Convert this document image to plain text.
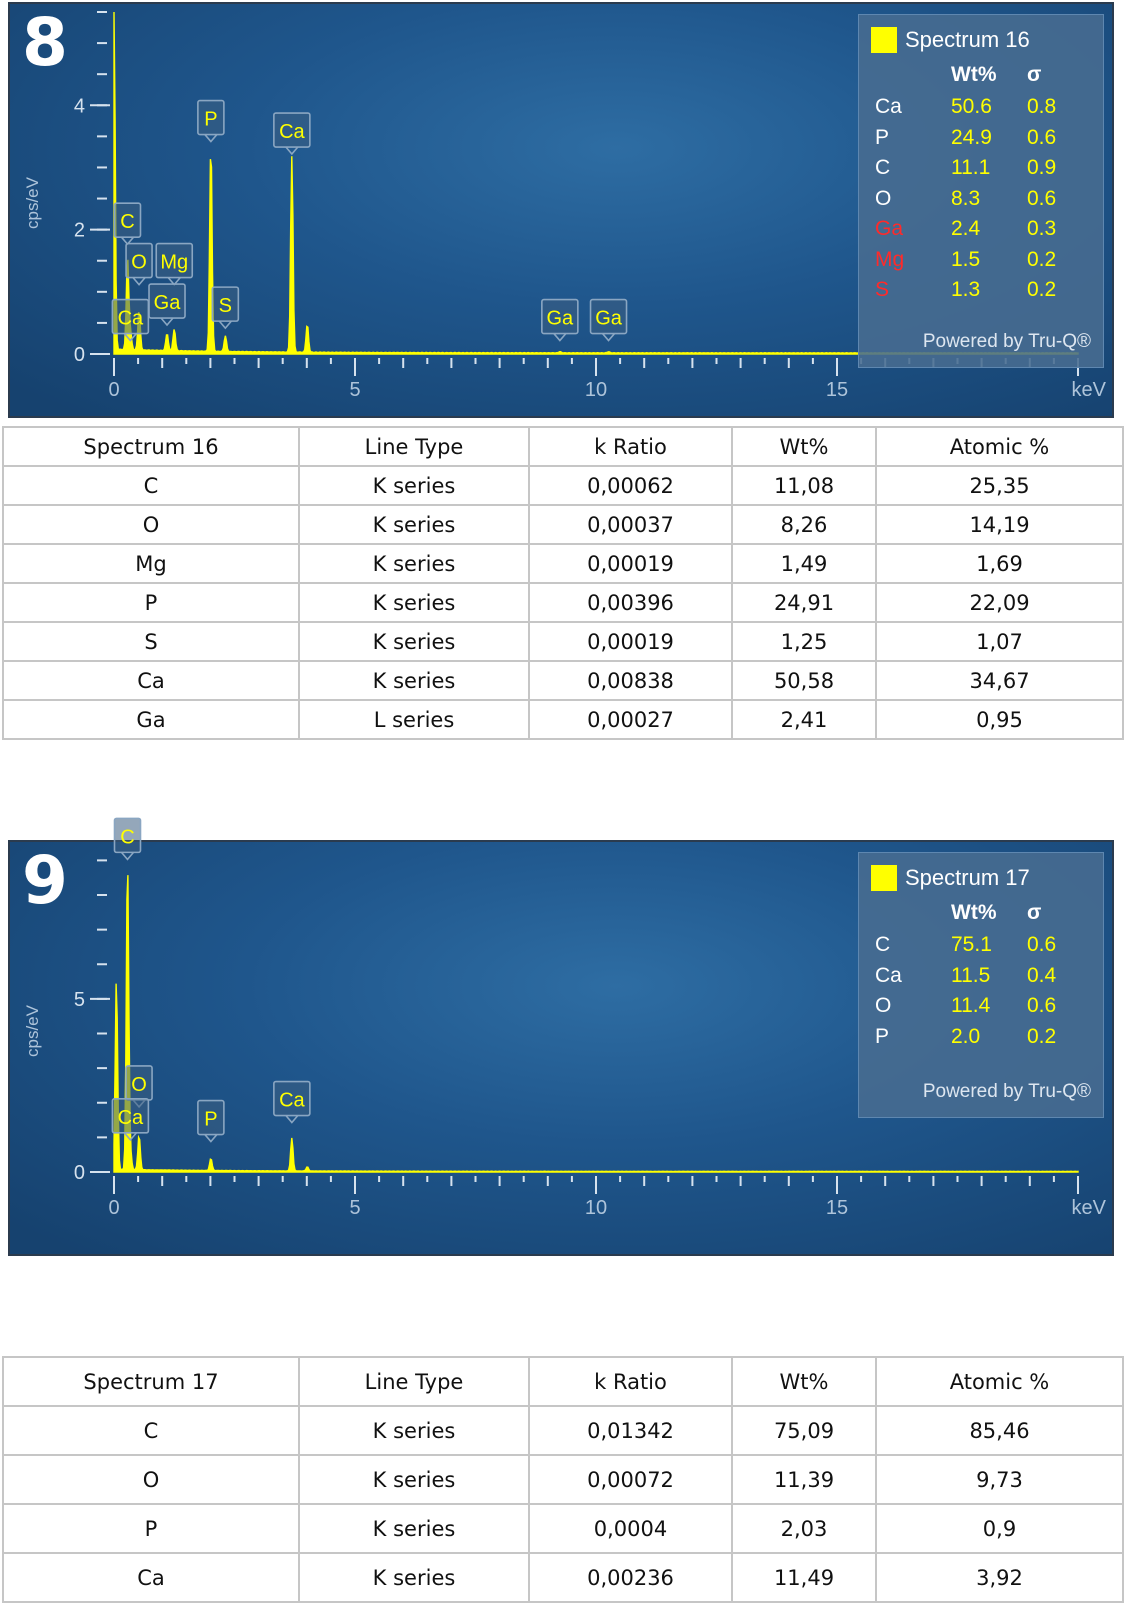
cps/eV
0
2
4
0	5	10	15	keV
P
Ca
C
O Mg
Ga S
Ca	Ga Ga
8	Spectrum 16
Wt% σ
Ca 50.6 0.8
P	24.9 0.6
C	11.1 0.9
O	8.3 0.6
Ga 2.4 0.3
Mg 1.5 0.2
S	1.3 0.2
Powered by Tru-Q®
Spectrum 16	Line Type	k Ratio	Wt%	Atomic %
C	K series	0,00062	11,08	25,35
O	K series	0,00037	8,26	14,19
Mg	K series	0,00019	1,49	1,69
P	K series	0,00396	24,91	22,09
S	K series	0,00019	1,25	1,07
Ca	K series	0,00838	50,58	34,67
Ga	L series	0,00027	2,41	0,95
cps/eV
0
5
0	5	10	15	keV
C
O
Ca	P
Ca
9	Spectrum 17
Wt% σ
C	75.1 0.6
Ca 11.5 0.4
O	11.4 0.6
P	2.0 0.2
Powered by Tru-Q®
Spectrum 17	Line Type	k Ratio	Wt%	Atomic %
C	K series	0,01342	75,09	85,46
O	K series	0,00072	11,39	9,73
P	K series	0,0004	2,03	0,9
Ca	K series	0,00236	11,49	3,92
